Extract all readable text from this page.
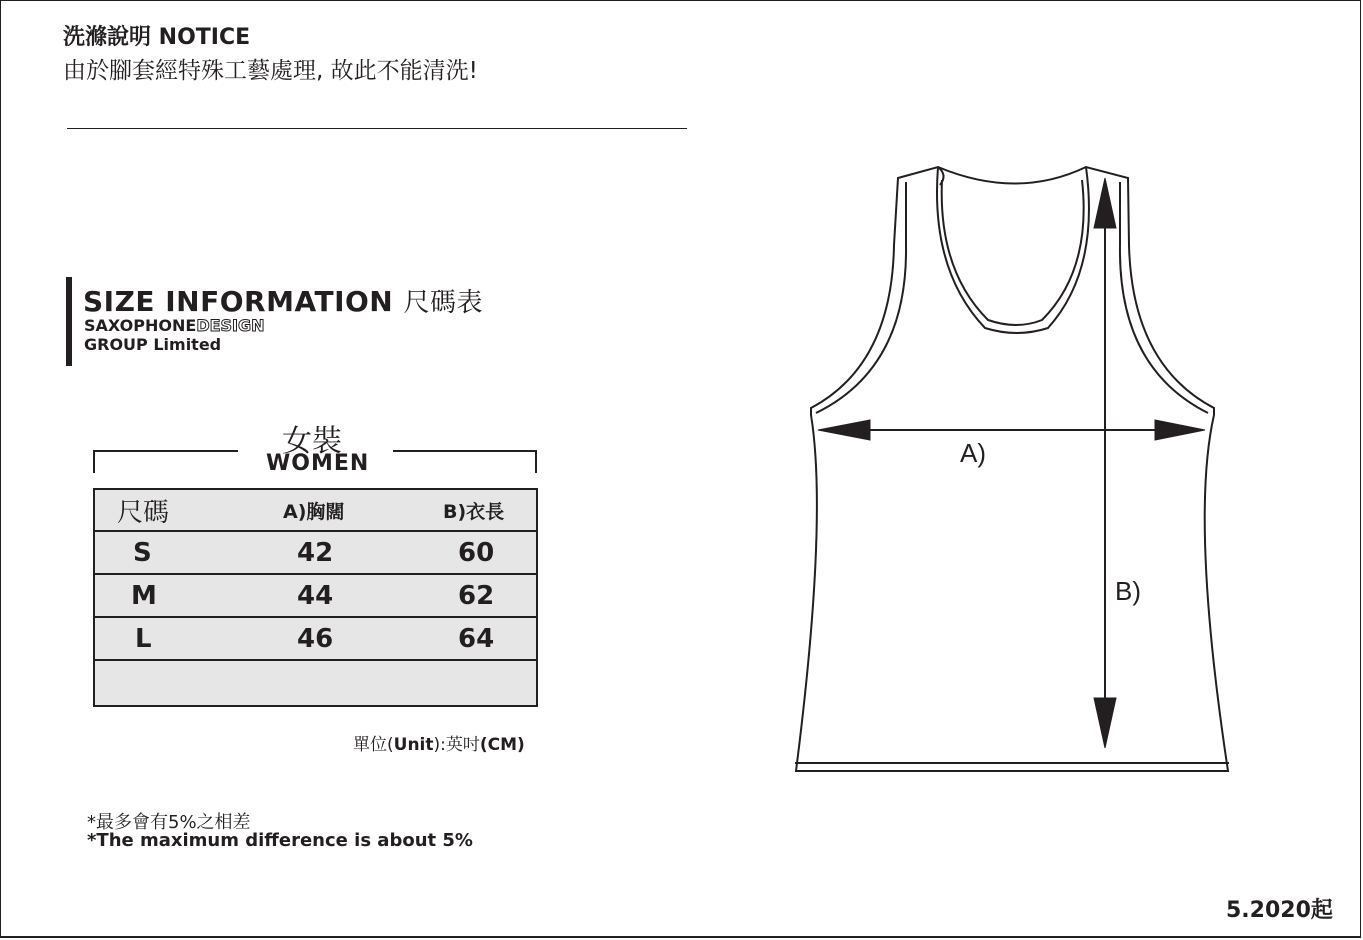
洗滌說明 NOTICE
由於腳套經特殊工藝處理, 故此不能清洗!
SIZE INFORMATION 尺碼表
SAXOPHONEDESIGN
GROUP Limited
女裝
WOMEN
尺碼	A)胸闊	B)衣長

S	42	60

M	44	62

L	46	64

單位(Unit):英吋(CM)
*最多會有5%之相差
*The maximum difference is about 5%
5.2020起
A)
B)
